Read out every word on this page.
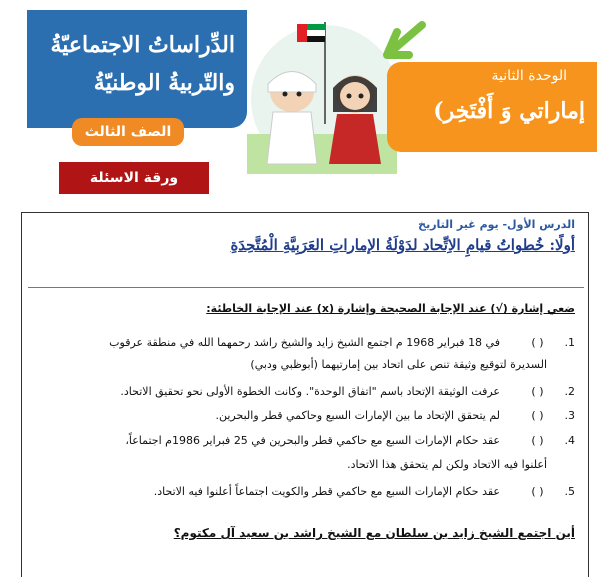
الدِّراساتُ الاجتماعيّةُ
والتّربيةُ الوطنيّةُ
الصف الثالث
ورقة الاسئلة
الوحدة الثانية
إماراتي وَ أَفْتَخِر)
الدرس الأول- يوم غير التاريخ
أولًا: خُطواتُ قيامِ الاِتِّحاد لدَوْلَةُ الإماراتِ العَرَبِيَّةِ الْمُتَّحِدَةِ
ضعي إشارة (√) عند الإجابة الصحيحة وإشارة (x) عند الإجابة الخاطئة:
1. ( ) في 18 فبراير 1968 م اجتمع الشيخ زايد والشيخ راشد رحمهما الله في منطقة عرقوب
السديرة لتوقيع وثيقة تنص على اتحاد بين إمارتيهما (أبوظبي ودبي)
2. ( ) عرفت الوثيقة الإتحاد باسم "اتفاق الوحدة". وكانت الخطوة الأولى نحو تحقيق الاتحاد.
3. ( ) لم يتحقق الإتحاد ما بين الإمارات السبع وحاكمي قطر والبحرين.
4. ( ) عقد حكام الإمارات السبع مع حاكمي قطر والبحرين في 25 فبراير 1986م اجتماعاً،
أعلنوا فيه الاتحاد ولكن لم يتحقق هذا الاتحاد.
5. ( ) عقد حكام الإمارات السبع مع حاكمي قطر والكويت اجتماعاً أعلنوا فيه الاتحاد.
أين اجتمع الشيخ زايد بن سلطان مع الشيخ راشد بن سعيد آل مكتوم؟
